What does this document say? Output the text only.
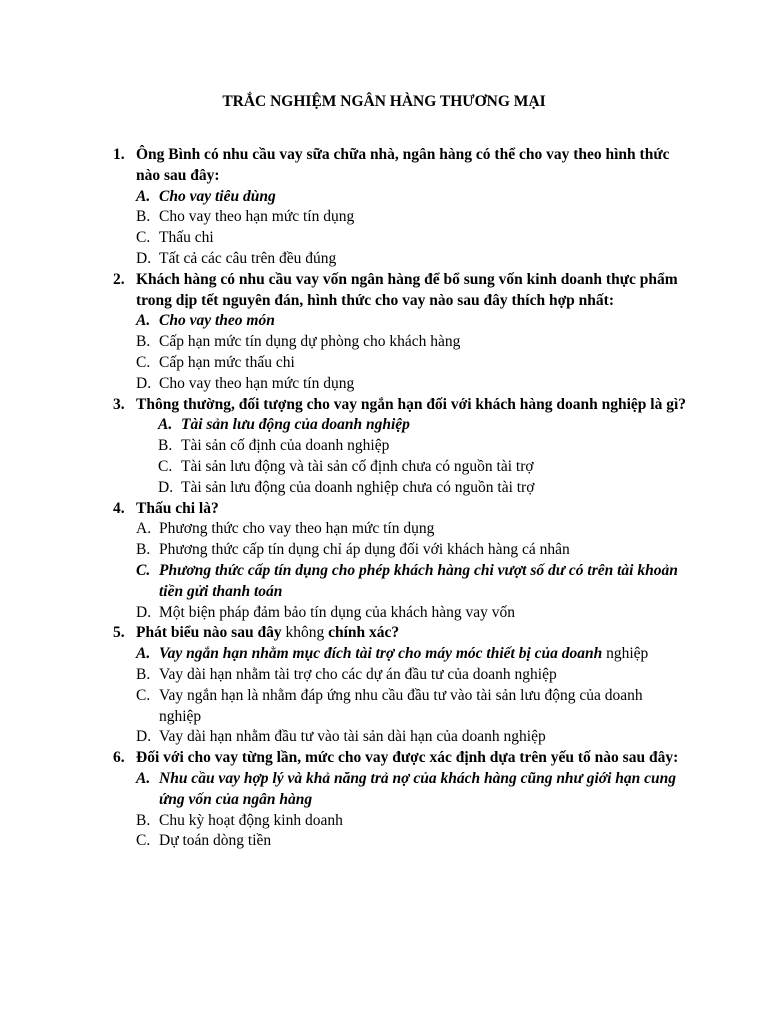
TRẮC NGHIỆM NGÂN HÀNG THƯƠNG MẠI
1. Ông Bình có nhu cầu vay sữa chữa nhà, ngân hàng có thể cho vay theo hình thức nào sau đây:
A. Cho vay tiêu dùng
B. Cho vay theo hạn mức tín dụng
C. Thấu chi
D. Tất cả các câu trên đều đúng
2. Khách hàng có nhu cầu vay vốn ngân hàng để bổ sung vốn kinh doanh thực phẩm trong dịp tết nguyên đán, hình thức cho vay nào sau đây thích hợp nhất:
A. Cho vay theo món
B. Cấp hạn mức tín dụng dự phòng cho khách hàng
C. Cấp hạn mức thấu chi
D. Cho vay theo hạn mức tín dụng
3. Thông thường, đối tượng cho vay ngắn hạn đối với khách hàng doanh nghiệp là gì?
A. Tài sản lưu động của doanh nghiệp
B. Tài sản cố định của doanh nghiệp
C. Tài sản lưu động và tài sản cố định chưa có nguồn tài trợ
D. Tài sản lưu động của doanh nghiệp chưa có nguồn tài trợ
4. Thấu chi là?
A. Phương thức cho vay theo hạn mức tín dụng
B. Phương thức cấp tín dụng chỉ áp dụng đối với khách hàng cá nhân
C. Phương thức cấp tín dụng cho phép khách hàng chi vượt số dư có trên tài khoản tiền gửi thanh toán
D. Một biện pháp đảm bảo tín dụng của khách hàng vay vốn
5. Phát biểu nào sau đây không chính xác?
A. Vay ngắn hạn nhằm mục đích tài trợ cho máy móc thiết bị của doanh nghiệp
B. Vay dài hạn nhằm tài trợ cho các dự án đầu tư của doanh nghiệp
C. Vay ngắn hạn là nhằm đáp ứng nhu cầu đầu tư vào tài sản lưu động của doanh nghiệp
D. Vay dài hạn nhằm đầu tư vào tài sản dài hạn của doanh nghiệp
6. Đối với cho vay từng lần, mức cho vay được xác định dựa trên yếu tố nào sau đây:
A. Nhu cầu vay hợp lý và khả năng trả nợ của khách hàng cũng như giới hạn cung ứng vốn của ngân hàng
B. Chu kỳ hoạt động kinh doanh
C. Dự toán dòng tiền
